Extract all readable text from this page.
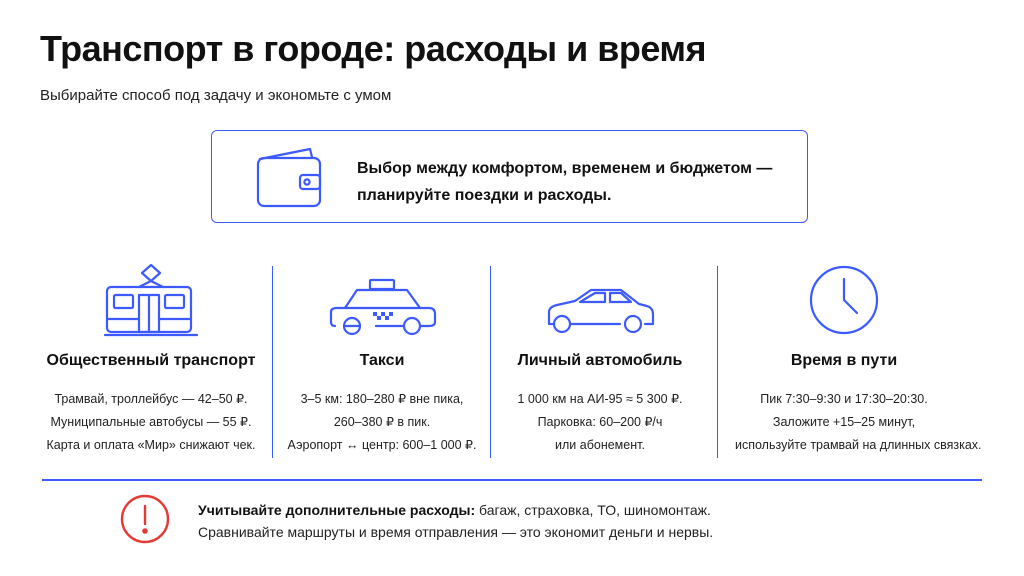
Транспорт в городе: расходы и время

Выбирайте способ под задачу и экономьте с умом

Выбор между комфортом, временем и бюджетом —
планируйте поездки и расходы.
Общественный транспорт
Трамвай, троллейбус — 42–50 ₽.
Муниципальные автобусы — 55 ₽.
Карта и оплата «Мир» снижают чек.
Такси
3–5 км: 180–280 ₽ вне пика,
260–380 ₽ в пик.
Аэропорт ↔ центр: 600–1 000 ₽.
Личный автомобиль
1 000 км на АИ-95 ≈ 5 300 ₽.
Парковка: 60–200 ₽/ч
или абонемент.
Время в пути
Пик 7:30–9:30 и 17:30–20:30.
Заложите +15–25 минут,
используйте трамвай на длинных связках.
Учитывайте дополнительные расходы: багаж, страховка, ТО, шиномонтаж.
Сравнивайте маршруты и время отправления — это экономит деньги и нервы.
